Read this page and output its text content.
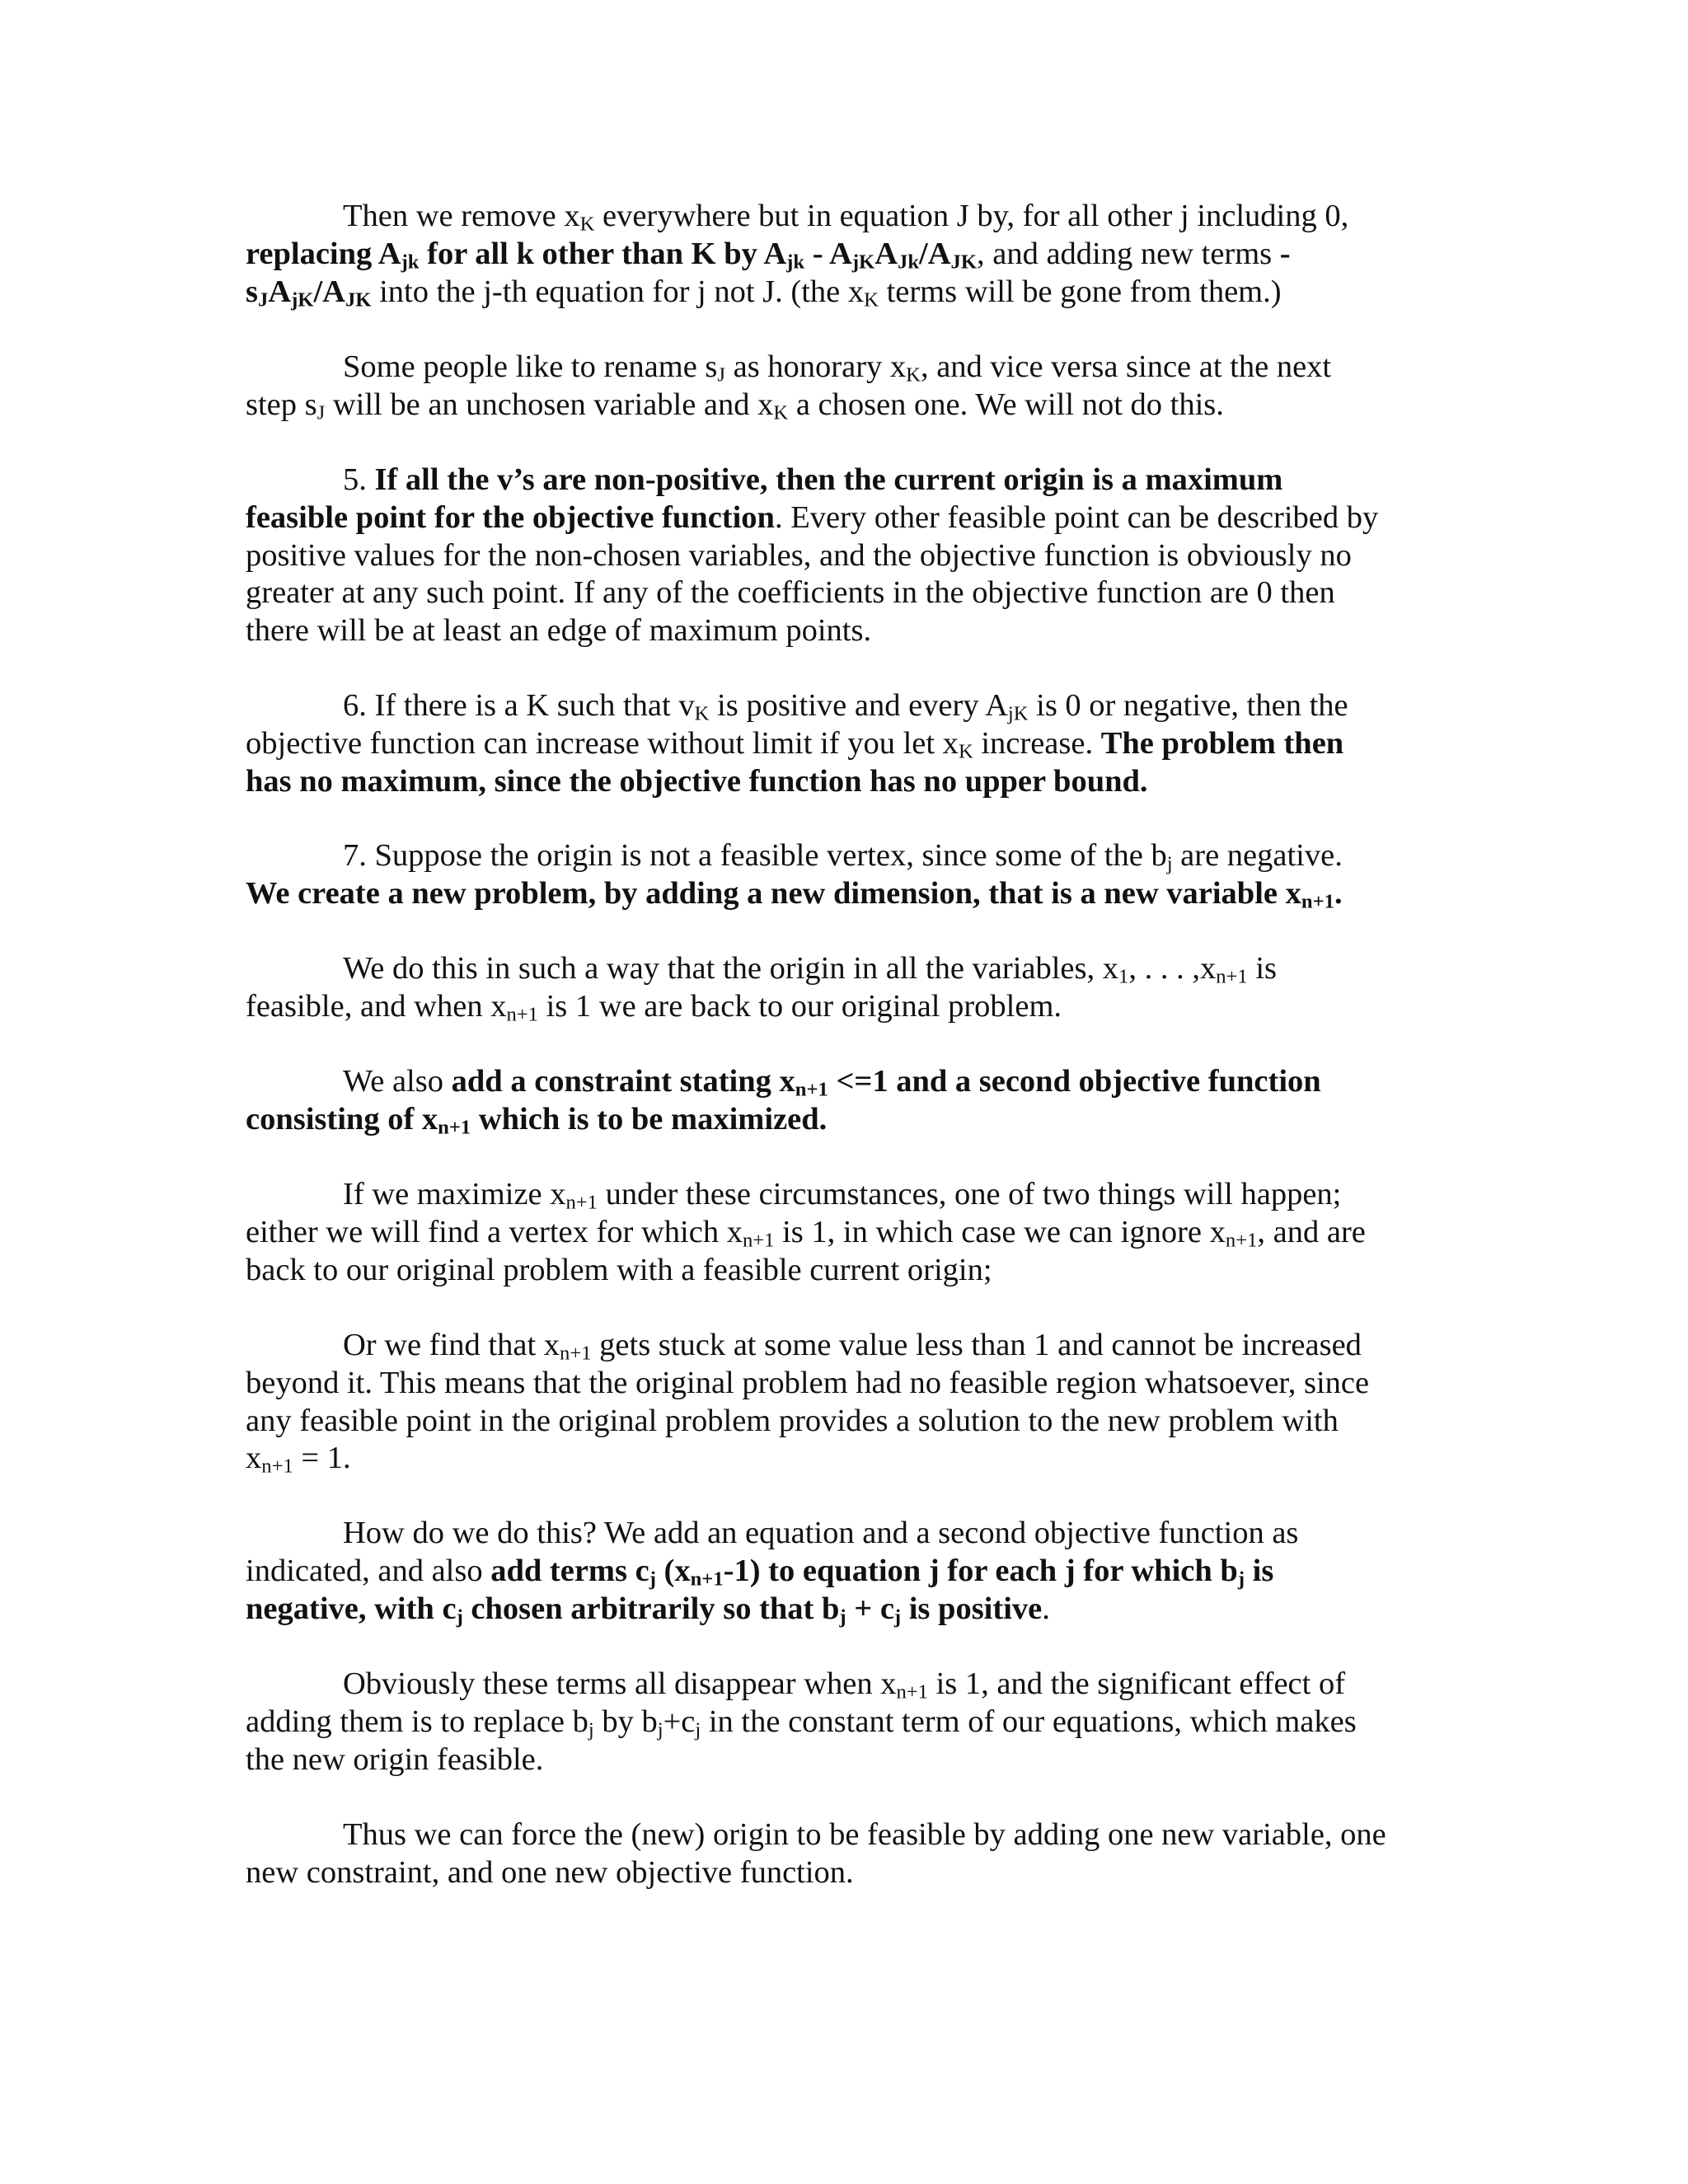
Then we remove $x_K$ everywhere but in equation J by, for all other j including 0,
replacing $A_{jk}$ for all k other than K by $A_{jk} - A_{jK}A_{Jk}/A_{JK}$, and adding new terms -
$s_JA_{jK}/A_{JK}$ into the j-th equation for j not J. (the $x_K$ terms will be gone from them.)

Some people like to rename $s_J$ as honorary $x_K$, and vice versa since at the next
step $s_J$ will be an unchosen variable and $x_K$ a chosen one. We will not do this.

5. If all the v’s are non-positive, then the current origin is a maximum
feasible point for the objective function. Every other feasible point can be described by
positive values for the non-chosen variables, and the objective function is obviously no
greater at any such point. If any of the coefficients in the objective function are 0 then
there will be at least an edge of maximum points.

6. If there is a K such that $v_K$ is positive and every $A_{jK}$ is 0 or negative, then the
objective function can increase without limit if you let $x_K$ increase. The problem then
has no maximum, since the objective function has no upper bound.

7. Suppose the origin is not a feasible vertex, since some of the $b_j$ are negative.
We create a new problem, by adding a new dimension, that is a new variable $x_{n+1}$.

We do this in such a way that the origin in all the variables, $x_1$, . . . $,x_{n+1}$ is
feasible, and when $x_{n+1}$ is 1 we are back to our original problem.

We also add a constraint stating $x_{n+1} <=1$ and a second objective function
consisting of $x_{n+1}$ which is to be maximized.

If we maximize $x_{n+1}$ under these circumstances, one of two things will happen;
either we will find a vertex for which $x_{n+1}$ is 1, in which case we can ignore $x_{n+1}$, and are
back to our original problem with a feasible current origin;

Or we find that $x_{n+1}$ gets stuck at some value less than 1 and cannot be increased
beyond it. This means that the original problem had no feasible region whatsoever, since
any feasible point in the original problem provides a solution to the new problem with
$x_{n+1} = 1$.

How do we do this? We add an equation and a second objective function as
indicated, and also add terms $c_j$ $(x_{n+1}-1)$ to equation j for each j for which $b_j$ is
negative, with $c_j$ chosen arbitrarily so that $b_j + c_j$ is positive.

Obviously these terms all disappear when $x_{n+1}$ is 1, and the significant effect of
adding them is to replace $b_j$ by $b_j+c_j$ in the constant term of our equations, which makes
the new origin feasible.

Thus we can force the (new) origin to be feasible by adding one new variable, one
new constraint, and one new objective function.
